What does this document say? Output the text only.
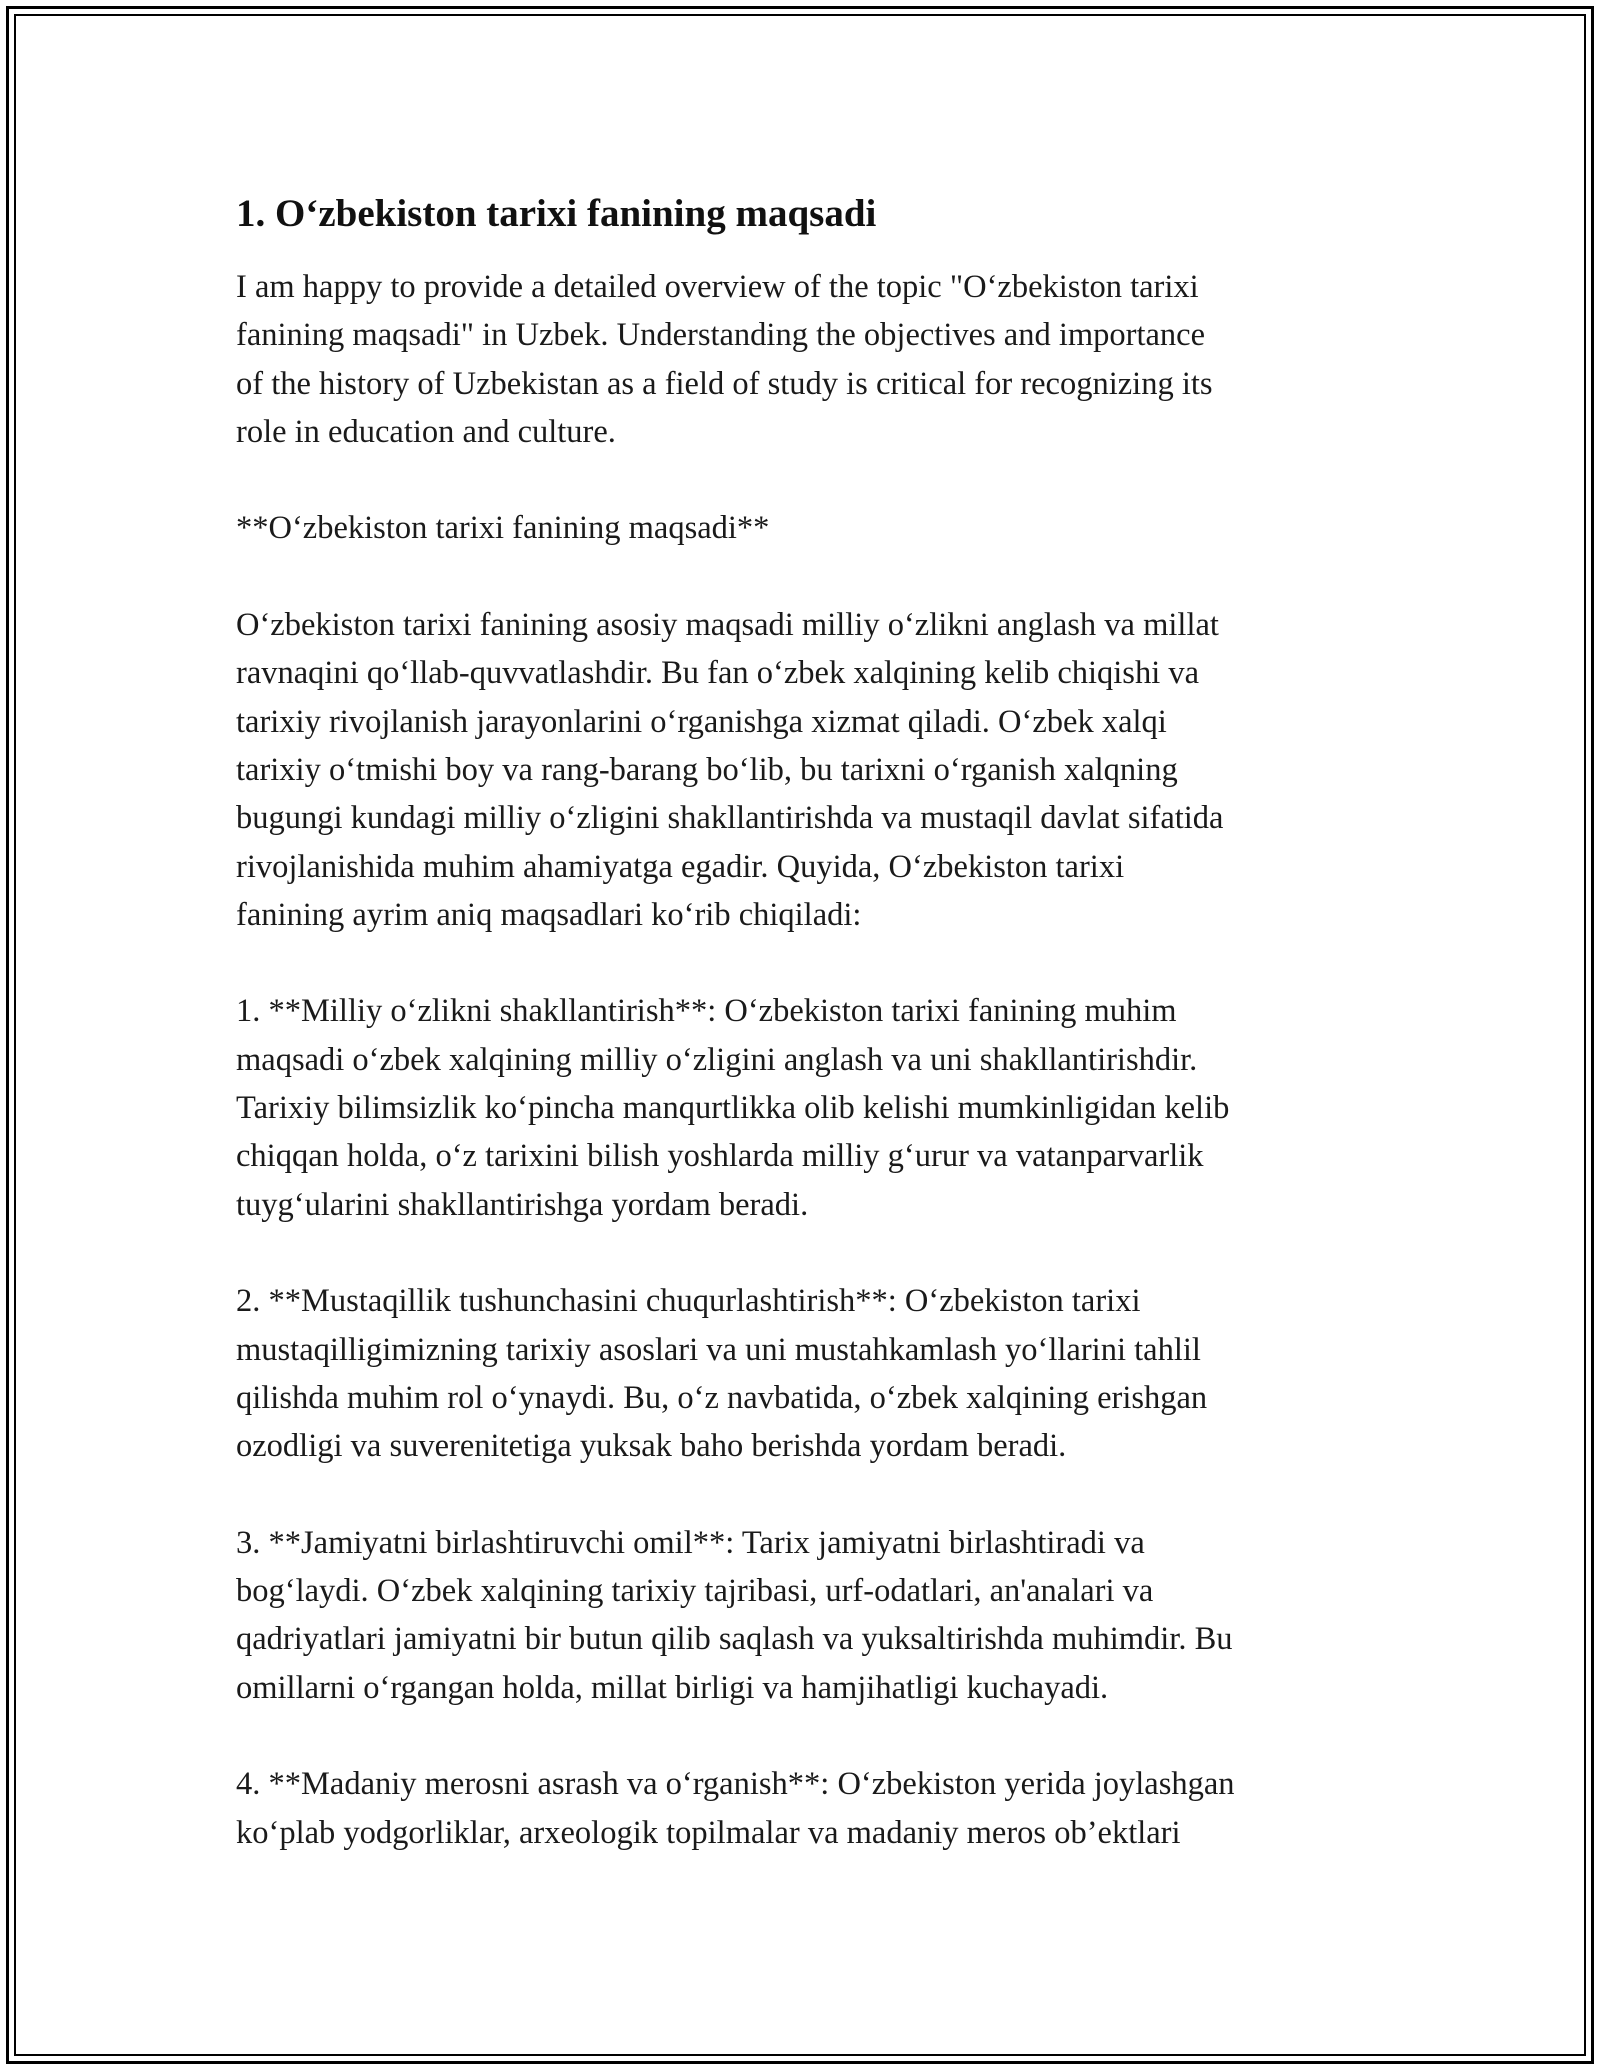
1. O‘zbekiston tarixi fanining maqsadi

I am happy to provide a detailed overview of the topic "O‘zbekiston tarixi
fanining maqsadi" in Uzbek. Understanding the objectives and importance
of the history of Uzbekistan as a field of study is critical for recognizing its
role in education and culture.

**O‘zbekiston tarixi fanining maqsadi**

O‘zbekiston tarixi fanining asosiy maqsadi milliy o‘zlikni anglash va millat
ravnaqini qo‘llab-quvvatlashdir. Bu fan o‘zbek xalqining kelib chiqishi va
tarixiy rivojlanish jarayonlarini o‘rganishga xizmat qiladi. O‘zbek xalqi
tarixiy o‘tmishi boy va rang-barang bo‘lib, bu tarixni o‘rganish xalqning
bugungi kundagi milliy o‘zligini shakllantirishda va mustaqil davlat sifatida
rivojlanishida muhim ahamiyatga egadir. Quyida, O‘zbekiston tarixi
fanining ayrim aniq maqsadlari ko‘rib chiqiladi:

1. **Milliy o‘zlikni shakllantirish**: O‘zbekiston tarixi fanining muhim
maqsadi o‘zbek xalqining milliy o‘zligini anglash va uni shakllantirishdir.
Tarixiy bilimsizlik ko‘pincha manqurtlikka olib kelishi mumkinligidan kelib
chiqqan holda, o‘z tarixini bilish yoshlarda milliy g‘urur va vatanparvarlik
tuyg‘ularini shakllantirishga yordam beradi.

2. **Mustaqillik tushunchasini chuqurlashtirish**: O‘zbekiston tarixi
mustaqilligimizning tarixiy asoslari va uni mustahkamlash yo‘llarini tahlil
qilishda muhim rol o‘ynaydi. Bu, o‘z navbatida, o‘zbek xalqining erishgan
ozodligi va suverenitetiga yuksak baho berishda yordam beradi.

3. **Jamiyatni birlashtiruvchi omil**: Tarix jamiyatni birlashtiradi va
bog‘laydi. O‘zbek xalqining tarixiy tajribasi, urf-odatlari, an'analari va
qadriyatlari jamiyatni bir butun qilib saqlash va yuksaltirishda muhimdir. Bu
omillarni o‘rgangan holda, millat birligi va hamjihatligi kuchayadi.

4. **Madaniy merosni asrash va o‘rganish**: O‘zbekiston yerida joylashgan
ko‘plab yodgorliklar, arxeologik topilmalar va madaniy meros ob’ektlari
